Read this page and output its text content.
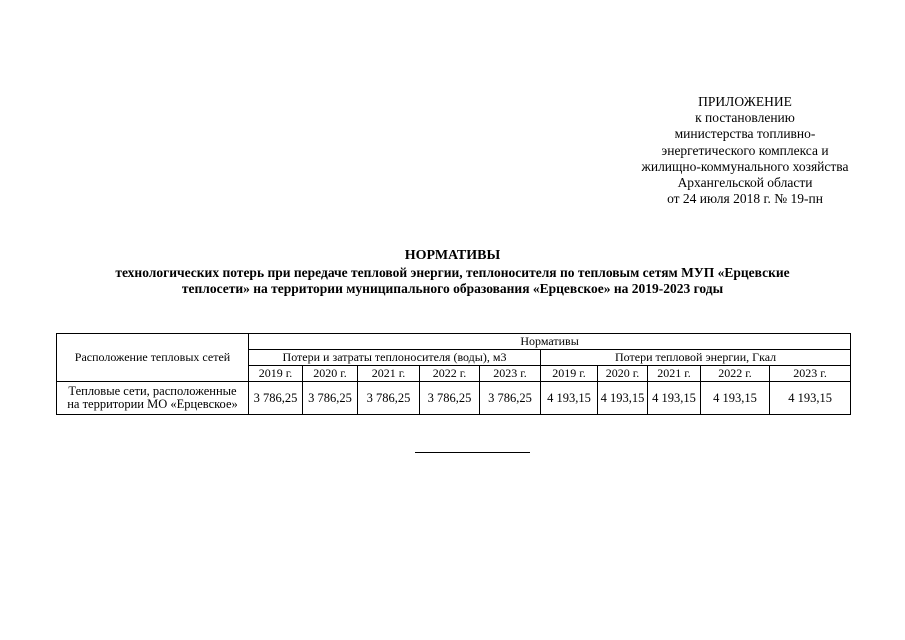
ПРИЛОЖЕНИЕ
к постановлению
министерства топливно-
энергетического комплекса и
жилищно-коммунального хозяйства
Архангельской области
от 24 июля 2018 г. № 19-пн
НОРМАТИВЫ
технологических потерь при передаче тепловой энергии, теплоносителя по тепловым сетям МУП «Ерцевские
теплосети» на территории муниципального образования «Ерцевское» на 2019-2023 годы
Расположение тепловых сетей	Нормативы									
	Потери и затраты теплоносителя (воды), м3					Потери тепловой энергии, Гкал				
	2019 г.	2020 г.	2021 г.	2022 г.	2023 г.	2019 г.	2020 г.	2021 г.	2022 г.	2023 г.

Тепловые сети, расположенные
на территории МО «Ерцевское»	3 786,25	3 786,25	3 786,25	3 786,25	3 786,25	4 193,15	4 193,15	4 193,15	4 193,15	4 193,15
